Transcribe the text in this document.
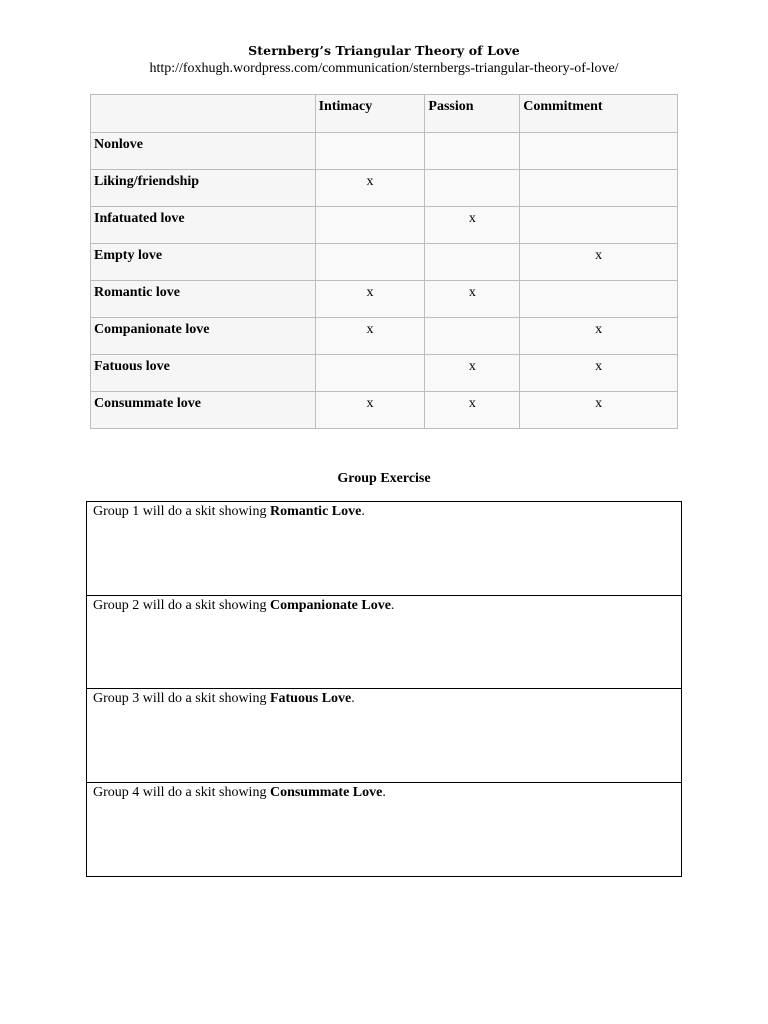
Sternberg’s Triangular Theory of Love
http://foxhugh.wordpress.com/communication/sternbergs-triangular-theory-of-love/
	Intimacy	Passion	Commitment
Nonlove			
Liking/friendship	x		
Infatuated love		x	
Empty love			x
Romantic love	x	x	
Companionate love	x		x
Fatuous love		x	x
Consummate love	x	x	x
Group Exercise
Group 1 will do a skit showing Romantic Love.
Group 2 will do a skit showing Companionate Love.
Group 3 will do a skit showing Fatuous Love.
Group 4 will do a skit showing Consummate Love.
